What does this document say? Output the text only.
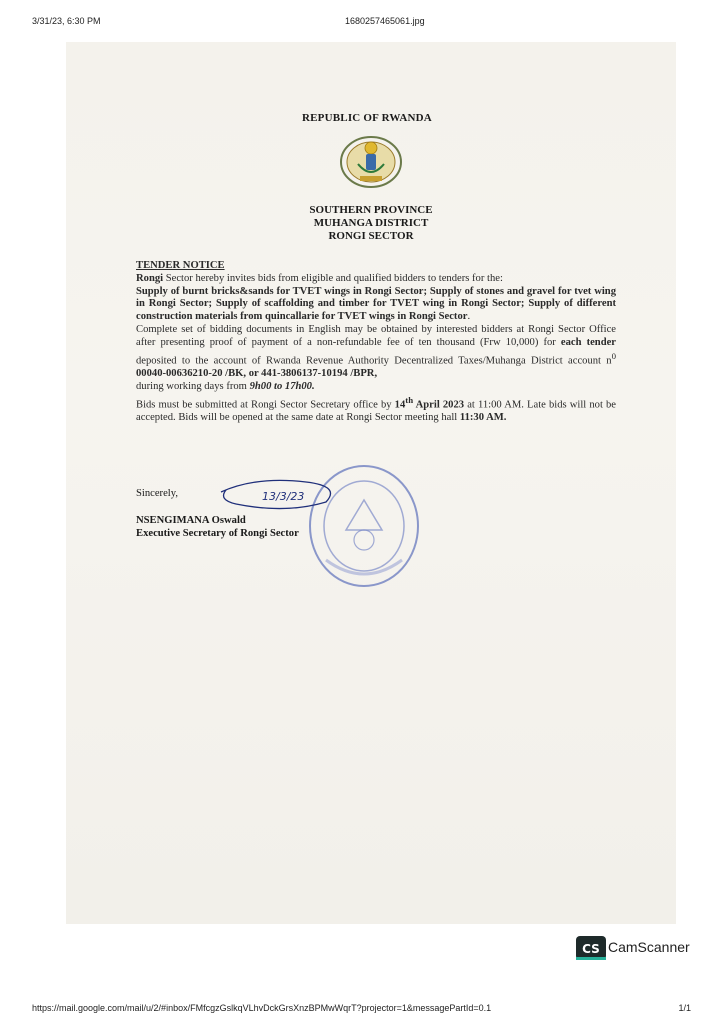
3/31/23, 6:30 PM	1680257465061.jpg
REPUBLIC OF RWANDA
SOUTHERN PROVINCE
MUHANGA DISTRICT
RONGI SECTOR
TENDER NOTICE

Rongi Sector hereby invites bids from eligible and qualified bidders to tenders for the:

Supply of burnt bricks&sands for TVET wings in Rongi Sector; Supply of stones and gravel for tvet wing in Rongi Sector; Supply of scaffolding and timber for TVET wing in Rongi Sector; Supply of different construction materials from quincallarie for TVET wings in Rongi Sector.

Complete set of bidding documents in English may be obtained by interested bidders at Rongi Sector Office after presenting proof of payment of a non-refundable fee of ten thousand (Frw 10,000) for each tender deposited to the account of Rwanda Revenue Authority Decentralized Taxes/Muhanga District account $n^0$ 00040-00636210-20 /BK, or 441-3806137-10194 /BPR,
during working days from 9h00 to 17h00.

Bids must be submitted at Rongi Sector Secretary office by 14th April 2023 at 11:00 AM. Late bids will not be accepted. Bids will be opened at the same date at Rongi Sector meeting hall 11:30 AM.

Sincerely,
NSENGIMANA Oswald
Executive Secretary of Rongi Sector
13/3/23
CS CamScanner
https://mail.google.com/mail/u/2/#inbox/FMfcgzGslkqVLhvDckGrsXnzBPMwWqrT?projector=1&messagePartId=0.1	1/1
